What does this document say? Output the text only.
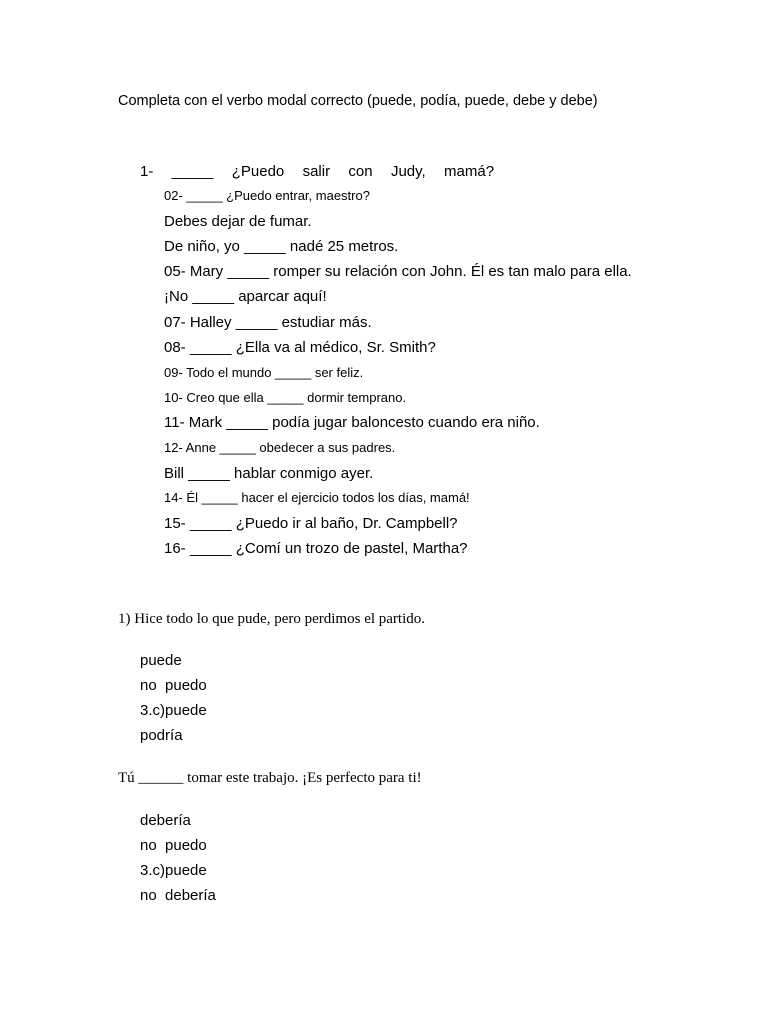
Completa con el verbo modal correcto (puede, podía, puede, debe y debe)
1-  _____  ¿Puedo  salir  con  Judy,  mamá?
02- _____ ¿Puedo entrar, maestro?
Debes dejar de fumar.
De niño, yo _____ nadé 25 metros.
05- Mary _____ romper su relación con John. Él es tan malo para ella.
¡No _____ aparcar aquí!
07- Halley _____ estudiar más.
08- _____ ¿Ella va al médico, Sr. Smith?
09- Todo el mundo _____ ser feliz.
10- Creo que ella _____ dormir temprano.
11- Mark _____ podía jugar baloncesto cuando era niño.
12- Anne _____ obedecer a sus padres.
Bill _____ hablar conmigo ayer.
14- Él _____ hacer el ejercicio todos los días, mamá!
15- _____ ¿Puedo ir al baño, Dr. Campbell?
16- _____ ¿Comí un trozo de pastel, Martha?
1) Hice todo lo que pude, pero perdimos el partido.
puede
no  puedo
3.c)puede
podría
Tú ______ tomar este trabajo. ¡Es perfecto para ti!
debería
no  puedo
3.c)puede
no  debería
